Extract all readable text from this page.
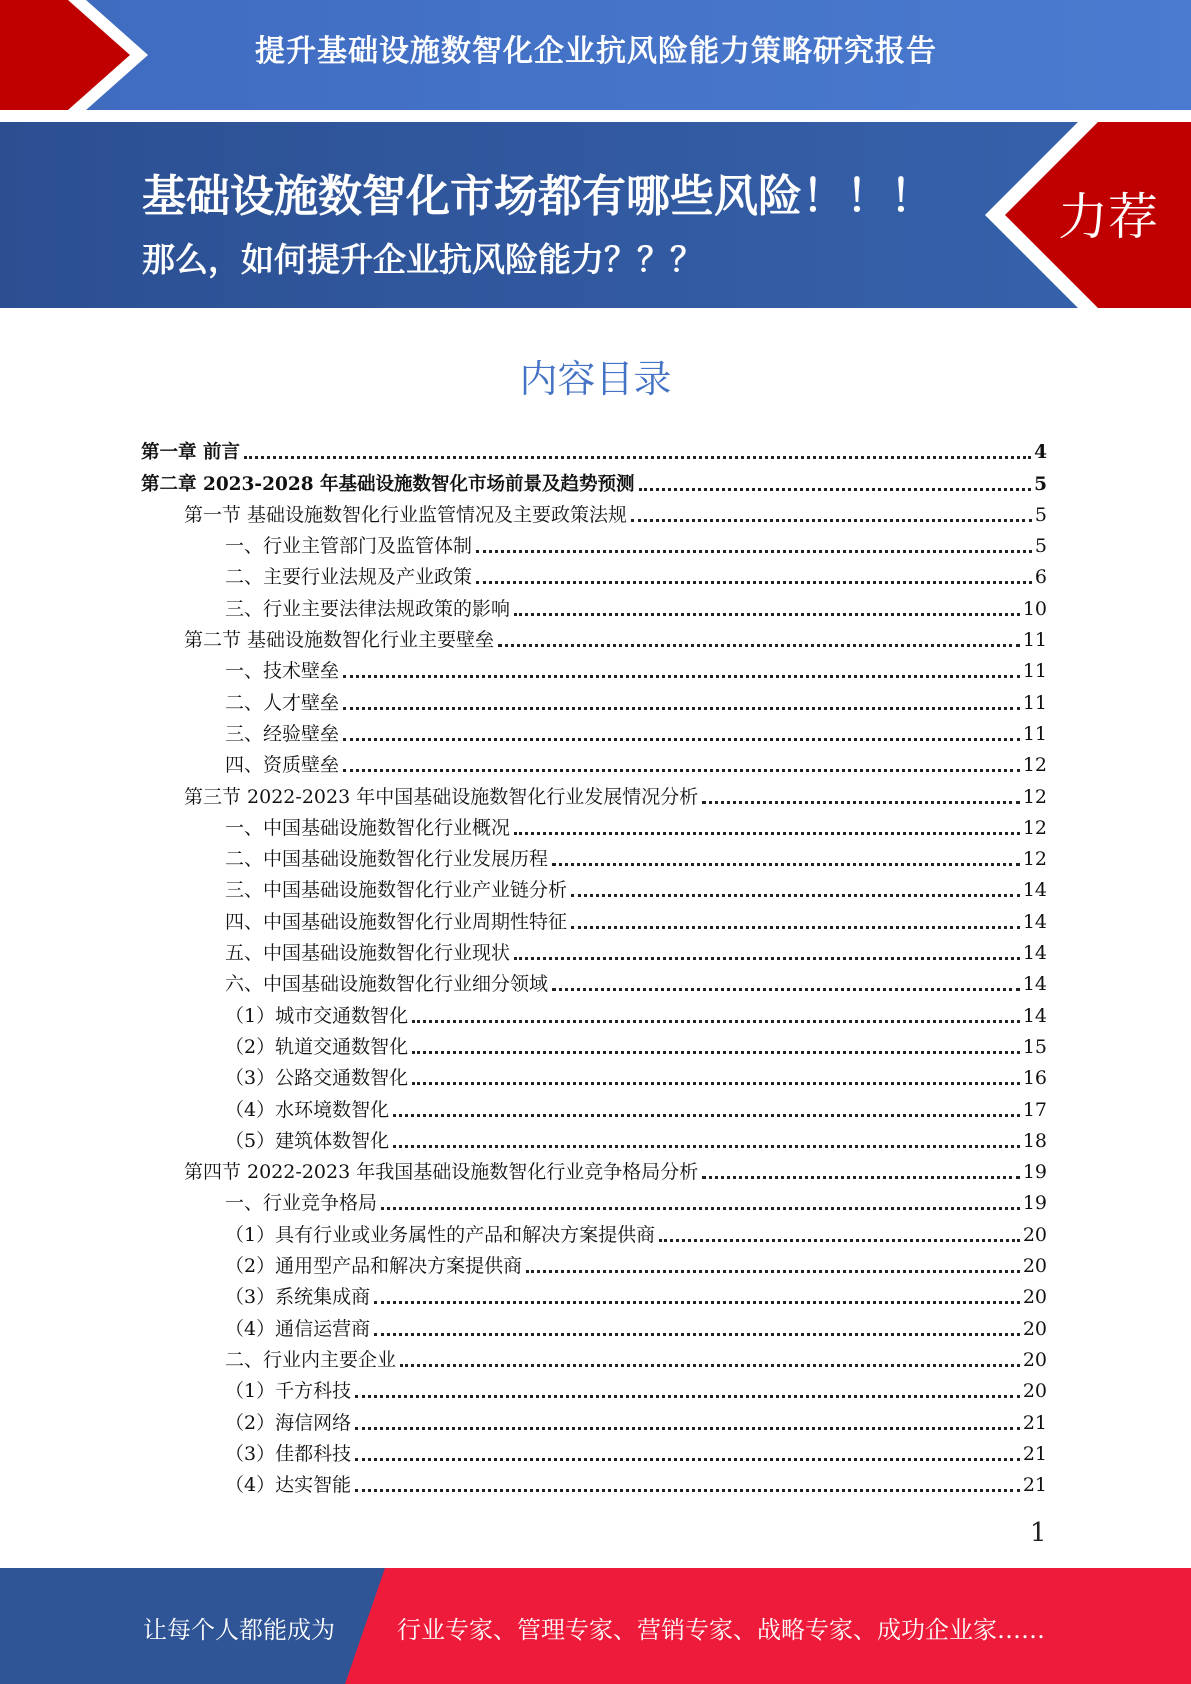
提升基础设施数智化企业抗风险能力策略研究报告
基础设施数智化市场都有哪些风险！！！
那么，如何提升企业抗风险能力？？？
力荐
内容目录
第一章 前言	4
第二章 2023-2028 年基础设施数智化市场前景及趋势预测	5
第一节 基础设施数智化行业监管情况及主要政策法规	5
一、行业主管部门及监管体制	5
二、主要行业法规及产业政策	6
三、行业主要法律法规政策的影响	10
第二节 基础设施数智化行业主要壁垒	11
一、技术壁垒	11
二、人才壁垒	11
三、经验壁垒	11
四、资质壁垒	12
第三节 2022-2023 年中国基础设施数智化行业发展情况分析	12
一、中国基础设施数智化行业概况	12
二、中国基础设施数智化行业发展历程	12
三、中国基础设施数智化行业产业链分析	14
四、中国基础设施数智化行业周期性特征	14
五、中国基础设施数智化行业现状	14
六、中国基础设施数智化行业细分领域	14
（1）城市交通数智化	14
（2）轨道交通数智化	15
（3）公路交通数智化	16
（4）水环境数智化	17
（5）建筑体数智化	18
第四节 2022-2023 年我国基础设施数智化行业竞争格局分析	19
一、行业竞争格局	19
（1）具有行业或业务属性的产品和解决方案提供商	20
（2）通用型产品和解决方案提供商	20
（3）系统集成商	20
（4）通信运营商	20
二、行业内主要企业	20
（1）千方科技	20
（2）海信网络	21
（3）佳都科技	21
（4）达实智能	21
1
让每个人都能成为	行业专家、管理专家、营销专家、战略专家、成功企业家……
